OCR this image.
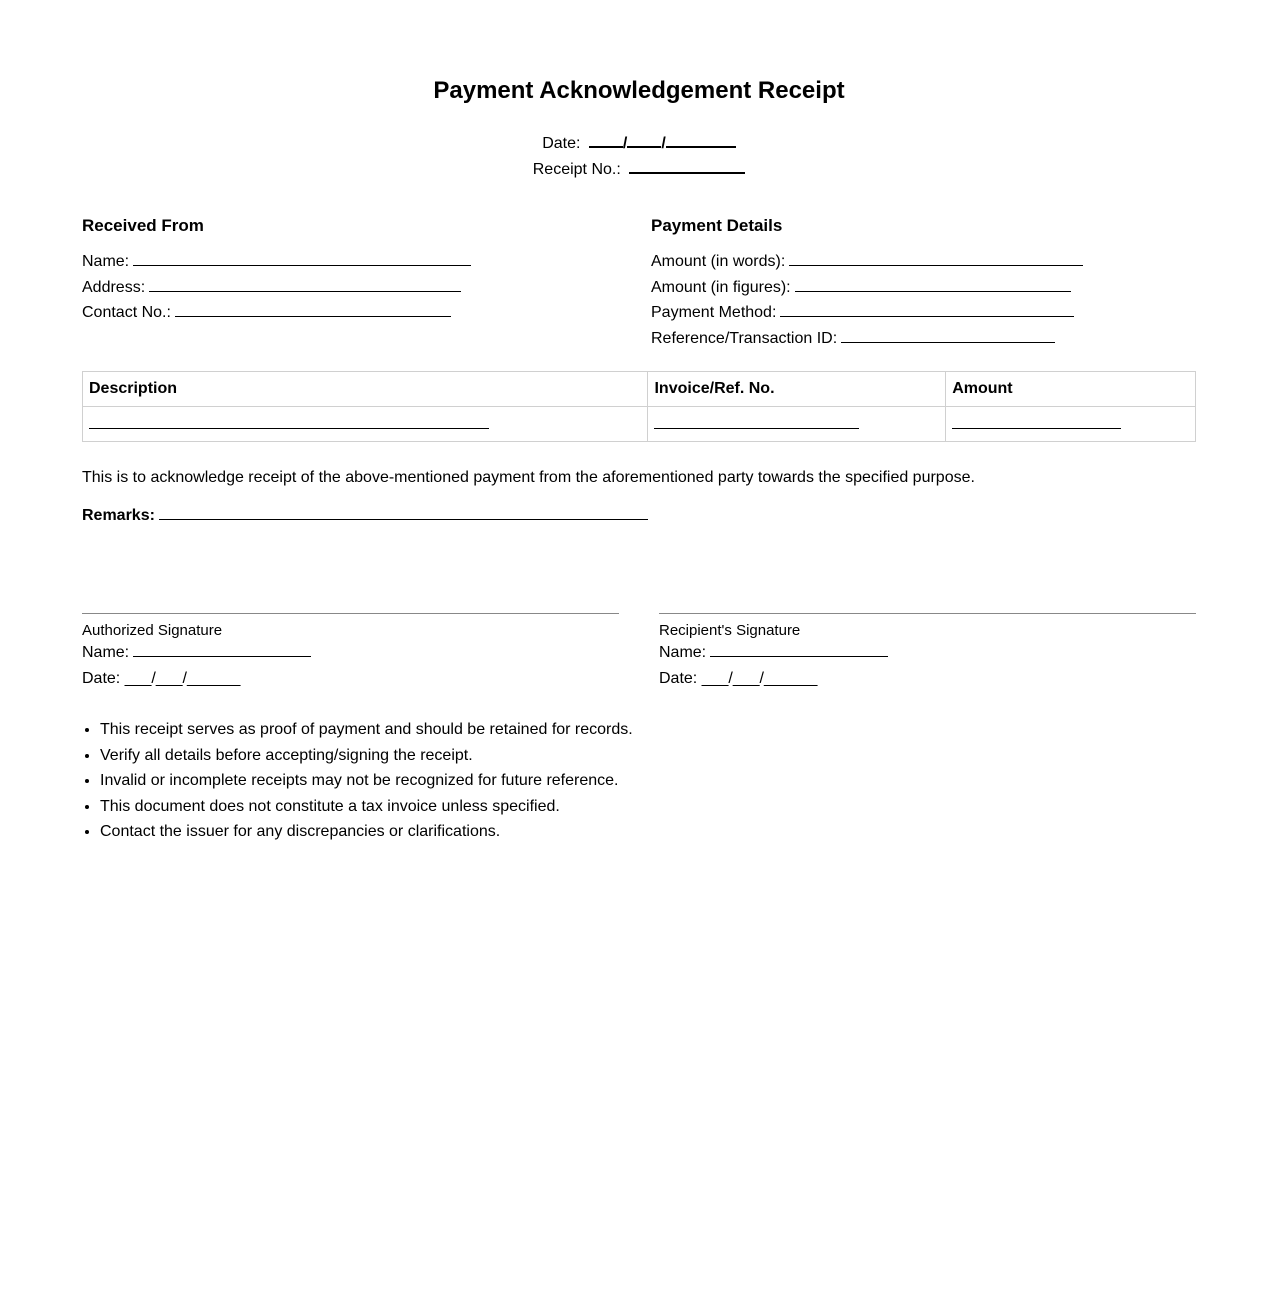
Payment Acknowledgement Receipt
Date:	/ /
Receipt No.:
Received From
Name:
Address:
Contact No.:
Payment Details
Amount (in words):
Amount (in figures):
Payment Method:
Reference/Transaction ID:
Description	Invoice/Ref. No.	Amount

This is to acknowledge receipt of the above-mentioned payment from the aforementioned party towards the specified purpose.
Remarks:
Authorized Signature
Name:
Date: ___/___/______
Recipient's Signature
Name:
Date: ___/___/______
• This receipt serves as proof of payment and should be retained for records.
• Verify all details before accepting/signing the receipt.
• Invalid or incomplete receipts may not be recognized for future reference.
• This document does not constitute a tax invoice unless specified.
• Contact the issuer for any discrepancies or clarifications.
